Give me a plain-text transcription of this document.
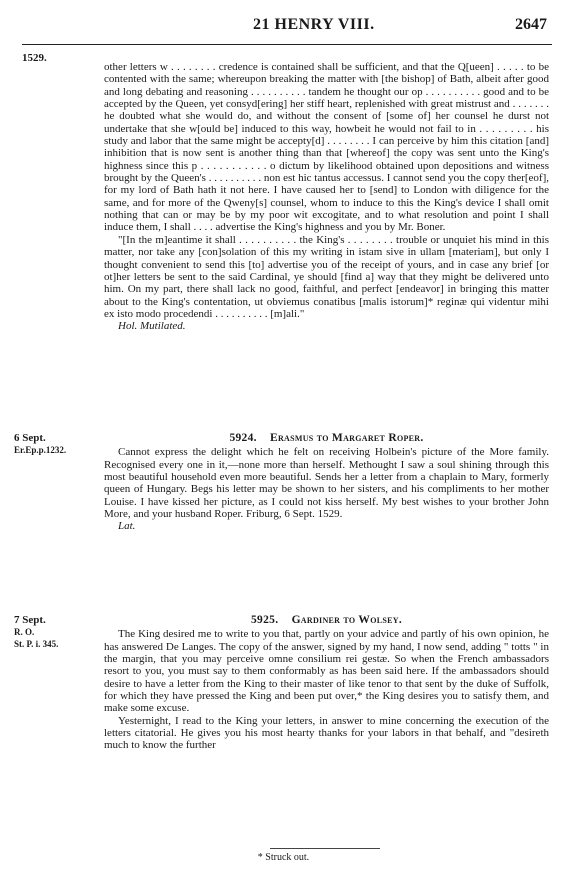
21 HENRY VIII.	2647
1529.

other letters w . . . . . . . . credence is contained shall be sufficient, and that the Q[ueen] . . . . . to be contented with the same; whereupon breaking the matter with [the bishop] of Bath, albeit after good and long debating and reasoning . . . . . . . . . . tandem he thought our op . . . . . . . . . . good and to be accepted by the Queen, yet consyd[ering] her stiff heart, replenished with great mistrust and . . . . . . . he doubted what she would do, and without the consent of [some of] her counsel he durst not undertake that she w[ould be] induced to this way, howbeit he would not fail to in . . . . . . . . . his study and labor that the same might be accepty[d] . . . . . . . . I can perceive by him this citation [and] inhibition that is now sent is another thing than that [whereof] the copy was sent unto the King's highness since this p . . . . . . . . . . . o dictum by likelihood obtained upon depositions and witness brought by the Queen's . . . . . . . . . . non est hic tantus accessus. I cannot send you the copy ther[eof], for my lord of Bath hath it not here. I have caused her to [send] to London with diligence for the same, and for more of the Qweny[s] counsel, whom to induce to this the King's device I shall omit nothing that can or may be by my poor wit excogitate, and to what resolution and point I shall induce them, I shall . . . . advertise the King's highness and you by Mr. Boner.

"[In the m]eantime it shall . . . . . . . . . . the King's . . . . . . . . trouble or unquiet his mind in this matter, nor take any [con]solation of this my writing in istam sive in ullam [materiam], but only I thought convenient to send this [to] advertise you of the receipt of yours, and in case any brief [or ot]her letters be sent to the said Cardinal, ye should [find a] way that they might be delivered unto him. On my part, there shall lack no good, faithful, and perfect [endeavor] in bringing this matter about to the King's contentation, ut obviemus conatibus [malis istorum]* reginæ qui videntur mihi ex isto modo procedendi . . . . . . . . . . [m]ali."

Hol. Mutilated.
6 Sept.
Er.Ep.p.1232.
5924. Erasmus to Margaret Roper.

Cannot express the delight which he felt on receiving Holbein's picture of the More family. Recognised every one in it,—none more than herself. Methought I saw a soul shining through this most beautiful household even more beautiful. Sends her a letter from a chaplain to Mary, formerly queen of Hungary. Begs his letter may be shown to her sisters, and his compliments to her mother Louise. I have kissed her picture, as I could not kiss herself. My best wishes to your brother John More, and your husband Roper. Friburg, 6 Sept. 1529.

Lat.
7 Sept.
R. O.
St. P. i. 345.
5925. Gardiner to Wolsey.

The King desired me to write to you that, partly on your advice and partly of his own opinion, he has answered De Langes. The copy of the answer, signed by my hand, I now send, adding " totts " in the margin, that you may perceive omne consilium rei gestæ. So when the French ambassadors resort to you, you must say to them conformably as has been said here. If the ambassadors should desire to have a letter from the King to their master of like tenor to that sent by the duke of Suffolk, for which they have pressed the King and been put over,* the King desires you to satisfy them, and make some excuse.

Yesternight, I read to the King your letters, in answer to mine concerning the execution of the letters citatorial. He gives you his most hearty thanks for your labors in that behalf, and "desireth much to know the further

* Struck out.
